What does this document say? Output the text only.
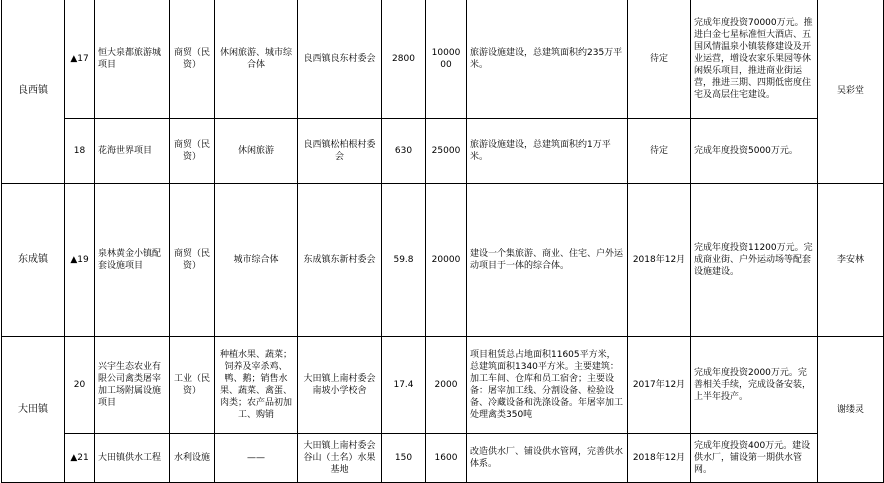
良西镇	▲17	恒大泉都旅游城项目	商贸（民资）	休闲旅游、城市综合体	良西镇良东村委会	2800	1000000	旅游设施建设，总建筑面积约235万平米。	待定	完成年度投资70000万元。推进白金七星标准恒大酒店、五国风情温泉小镇装修建设及开业运营，增设农家乐果园等休闲娱乐项目，推进商业街运营，推进三期、四期低密度住宅及高层住宅建设。	吴彩堂
	18	花海世界项目	商贸（民资）	休闲旅游	良西镇松柏根村委会	630	25000	旅游设施建设，总建筑面积约1万平米。	待定	完成年度投资5000万元。	
东成镇	▲19	泉林黄金小镇配套设施项目	商贸（民资）	城市综合体	东成镇东新村委会	59.8	20000	建设一个集旅游、商业、住宅、户外运动项目于一体的综合体。	2018年12月	完成年度投资11200万元。完成商业街、户外运动场等配套设施建设。	李安林
大田镇	20	兴宇生态农业有限公司禽类屠宰加工场附属设施项目	工业（民资）	种植水果、蔬菜；饲养及宰杀鸡、鸭、鹅；销售水果、蔬菜、禽蛋、肉类；农产品初加工、购销	大田镇上南村委会南坡小学校舍	17.4	2000	项目租赁总占地面积11605平方米，总建筑面积1340平方米。主要建筑：加工车间、仓库和员工宿舍；主要设备：屠宰加工线、分割设备、检验设备、冷藏设备和洗涤设备。年屠宰加工处理禽类350吨	2017年12月	完成年度投资2000万元。完善相关手续，完成设备安装，上半年投产。	谢缕灵
	▲21	大田镇供水工程	水利设施	——	大田镇上南村委会谷山（土名）水果基地	150	1600	改造供水厂、铺设供水管网，完善供水体系。	2018年12月	完成年度投资400万元。建设供水厂，铺设第一期供水管网。	
